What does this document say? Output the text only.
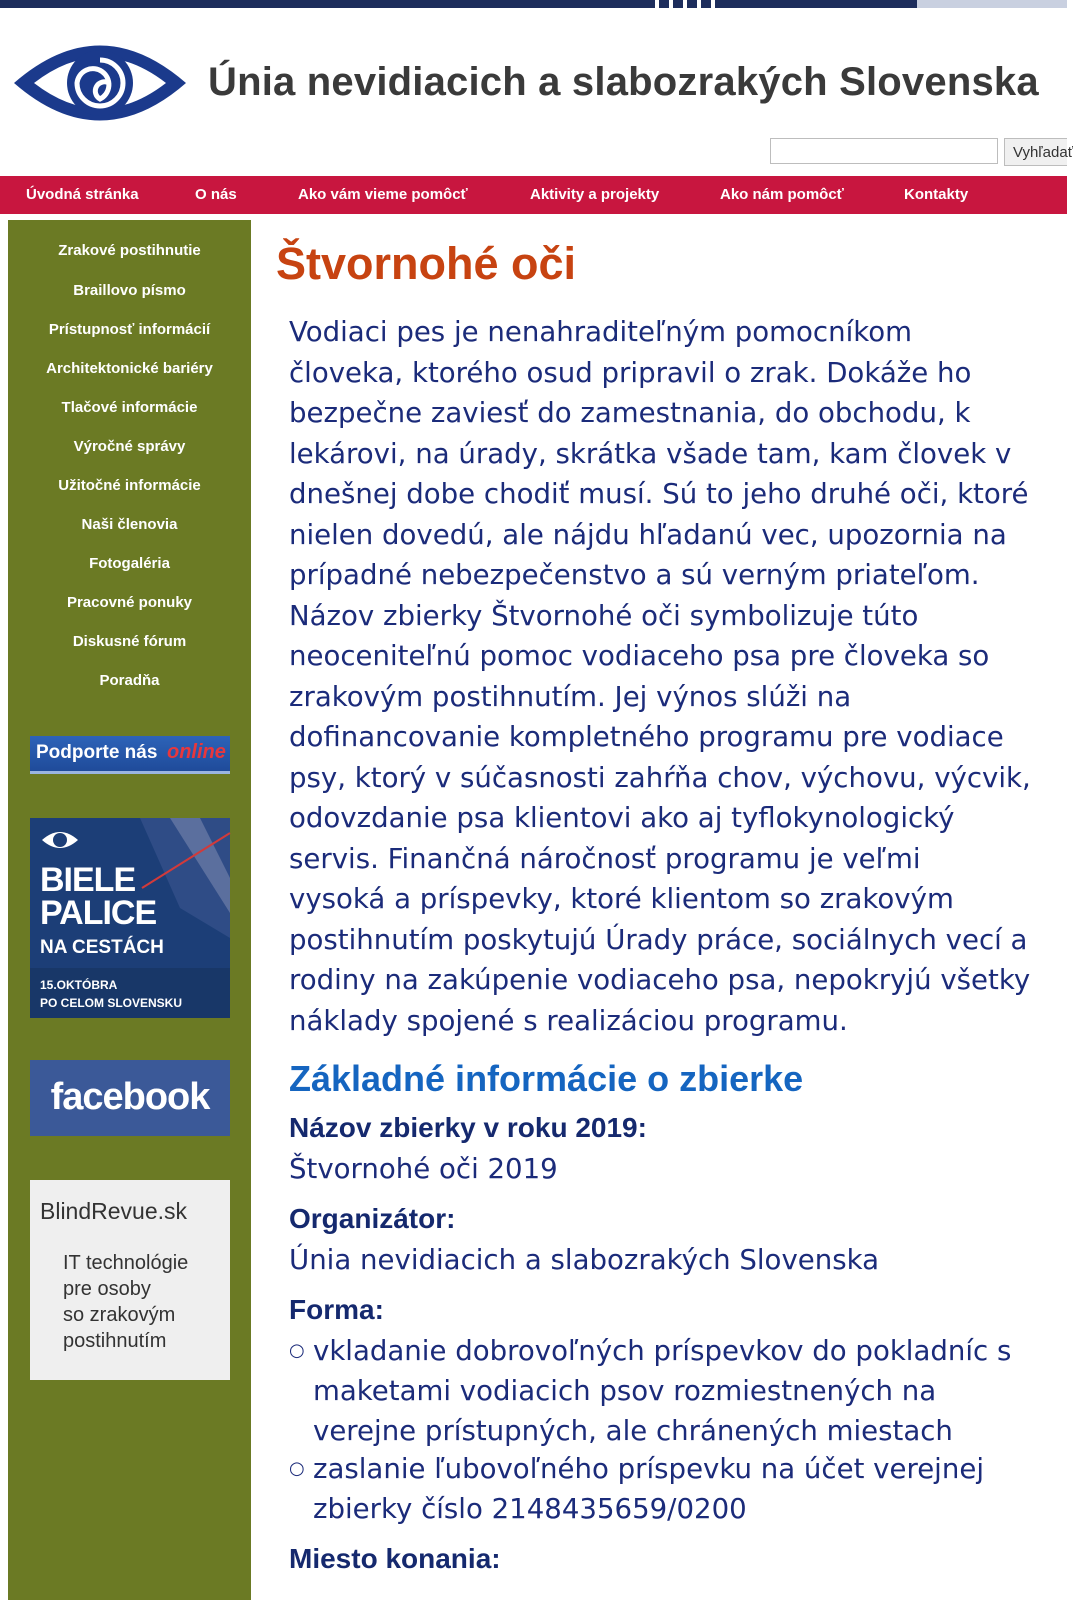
Únia nevidiacich a slabozrakých Slovenska
Vyhľadať
Úvodná stránka	O nás	Ako vám vieme pomôcť	Aktivity a projekty	Ako nám pomôcť	Kontakty
Zrakové postihnutie
Braillovo písmo
Prístupnosť informácií
Architektonické bariéry
Tlačové informácie
Výročné správy
Užitočné informácie
Naši členovia
Fotogaléria
Pracovné ponuky
Diskusné fórum
Poradňa
Podporte nás online
BIELE
PALICE
NA CESTÁCH
15.OKTÓBRA
PO CELOM SLOVENSKU
facebook
BlindRevue.sk
IT technológie
pre osoby
so zrakovým
postihnutím
Štvornohé oči
Vodiaci pes je nenahraditeľným pomocníkom
človeka, ktorého osud pripravil o zrak. Dokáže ho
bezpečne zaviesť do zamestnania, do obchodu, k
lekárovi, na úrady, skrátka všade tam, kam človek v
dnešnej dobe chodiť musí. Sú to jeho druhé oči, ktoré
nielen dovedú, ale nájdu hľadanú vec, upozornia na
prípadné nebezpečenstvo a sú verným priateľom.
Názov zbierky Štvornohé oči symbolizuje túto
neoceniteľnú pomoc vodiaceho psa pre človeka so
zrakovým postihnutím. Jej výnos slúži na
dofinancovanie kompletného programu pre vodiace
psy, ktorý v súčasnosti zahŕňa chov, výchovu, výcvik,
odovzdanie psa klientovi ako aj tyflokynologický
servis. Finančná náročnosť programu je veľmi
vysoká a príspevky, ktoré klientom so zrakovým
postihnutím poskytujú Úrady práce, sociálnych vecí a
rodiny na zakúpenie vodiaceho psa, nepokryjú všetky
náklady spojené s realizáciou programu.
Základné informácie o zbierke
Názov zbierky v roku 2019:
Štvornohé oči 2019
Organizátor:
Únia nevidiacich a slabozrakých Slovenska
Forma:
○ vkladanie dobrovoľných príspevkov do pokladníc s
maketami vodiacich psov rozmiestnených na
verejne prístupných, ale chránených miestach
○ zaslanie ľubovoľného príspevku na účet verejnej
zbierky číslo 2148435659/0200
Miesto konania:
